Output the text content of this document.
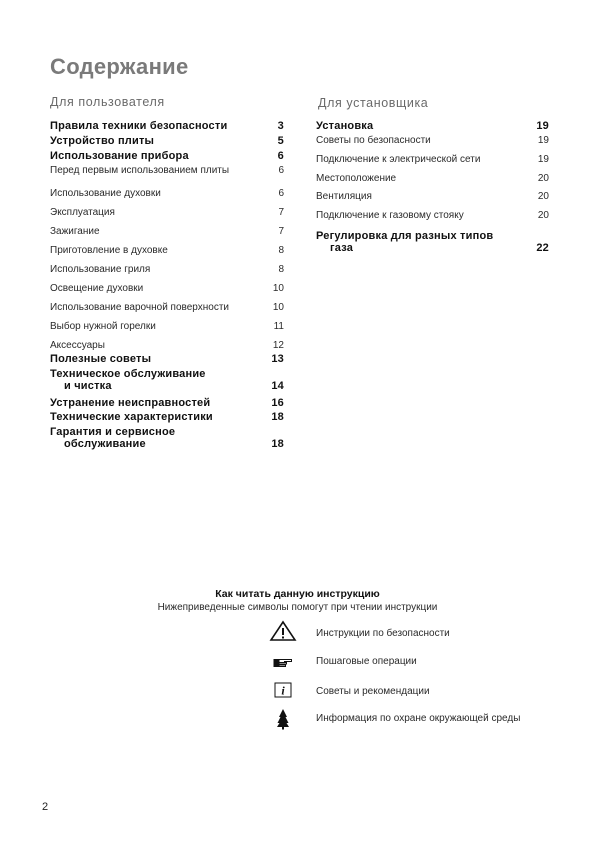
Содержание
Для пользователя	Для установщика
Правила техники безопасности	3
Устройство плиты	5
Использование прибора	6
Перед первым использованием плиты	6
Использование духовки	6
Эксплуатация	7
Зажигание	7
Приготовление в духовке	8
Использование гриля	8
Освещение духовки	10
Использование варочной поверхности	10
Выбор нужной горелки	11
Аксессуары	12
Полезные советы	13
Техническое обслуживание
и чистка	14
Устранение неисправностей	16
Технические характеристики	18
Гарантия и сервисное
обслуживание	18
Установка	19
Советы по безопасности	19
Подключение к электрической сети	19
Местоположение	20
Вентиляция	20
Подключение к газовому стояку	20
Регулировка для разных типов
газа	22
Как читать данную инструкцию
Нижеприведенные символы помогут при чтении инструкции
Инструкции по безопасности
Пошаговые операции
i	Советы и рекомендации
Информация по охране окружающей среды
2
